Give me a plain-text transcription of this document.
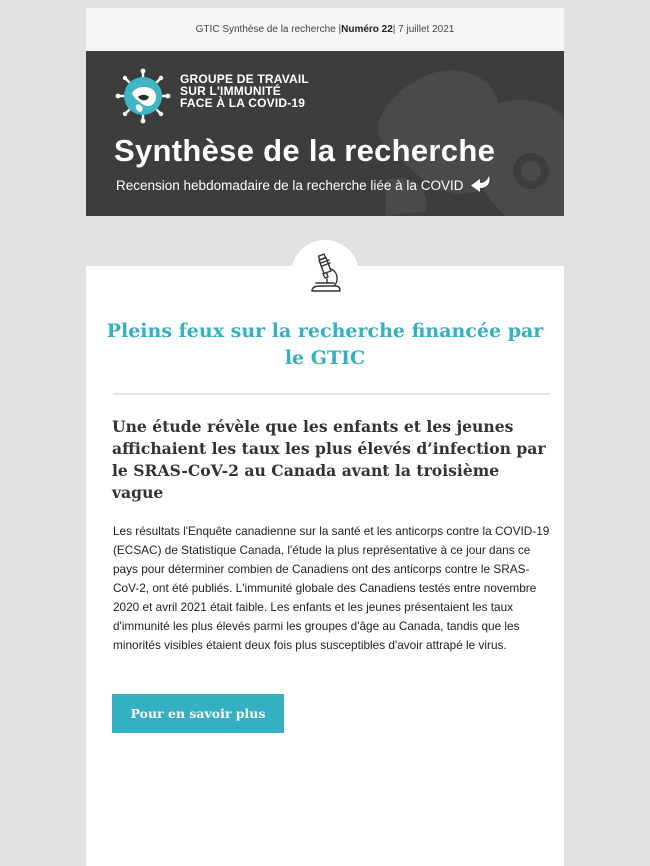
GTIC Synthèse de la recherche | Numéro 22 | 7 juillet 2021
GROUPE DE TRAVAIL
SUR L'IMMUNITÉ
FACE À LA COVID-19
Synthèse de la recherche
Recension hebdomadaire de la recherche liée à la COVID
Pleins feux sur la recherche financée par le GTIC
Une étude révèle que les enfants et les jeunes affichaient les taux les plus élevés d’infection par le SRAS-CoV-2 au Canada avant la troisième vague

Les résultats l'Enquête canadienne sur la santé et les anticorps contre la COVID-19 (ECSAC) de Statistique Canada, l'étude la plus représentative à ce jour dans ce pays pour déterminer combien de Canadiens ont des anticorps contre le SRAS-CoV-2, ont été publiés. L'immunité globale des Canadiens testés entre novembre 2020 et avril 2021 était faible. Les enfants et les jeunes présentaient les taux d'immunité les plus élevés parmi les groupes d'âge au Canada, tandis que les minorités visibles étaient deux fois plus susceptibles d'avoir attrapé le virus.

Pour en savoir plus
